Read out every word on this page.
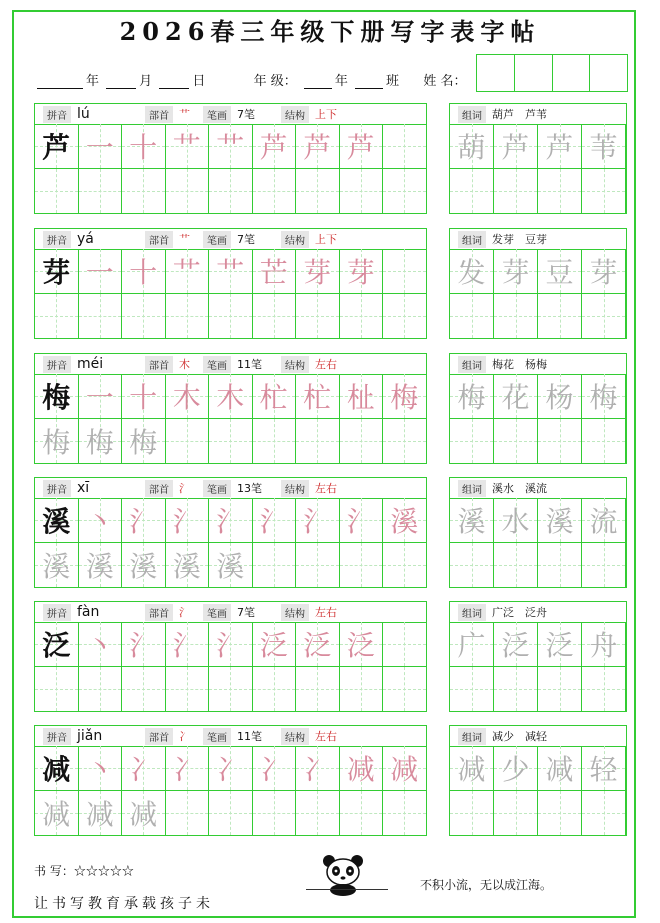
2026春三年级下册写字表字帖
年	月	日	年 级：	年	班 姓 名：
拼音 lú	部首 艹	笔画 7笔	结构 上下
芦 一 十 艹 艹 芦 芦 芦
组词 葫芦　芦苇
葫 芦 芦 苇
拼音 yá	部首 艹	笔画 7笔	结构 上下
芽 一 十 艹 艹 芒 芽 芽
组词 发芽　豆芽
发 芽 豆 芽
拼音 méi	部首 木	笔画 11笔	结构 左右
梅 一 十 木 木 杧 杧 杫 梅
梅 梅 梅
组词 梅花　杨梅
梅 花 杨 梅
拼音 xī	部首 氵	笔画 13笔	结构 左右
溪 丶 氵 氵 氵 氵 氵 氵 溪
溪 溪 溪 溪 溪
组词 溪水　溪流
溪 水 溪 流
拼音 fàn	部首 氵	笔画 7笔	结构 左右
泛 丶 氵 氵 氵 泛 泛 泛
组词 广泛　泛舟
广 泛 泛 舟
拼音 jiǎn	部首 冫	笔画 11笔	结构 左右
减 丶 冫 冫 冫 冫 冫 减 减
减 减 减
组词 减少　减轻
减 少 减 轻
书 写：☆☆☆☆☆
让书写教育承载孩子未
不积小流，无以成江海。
